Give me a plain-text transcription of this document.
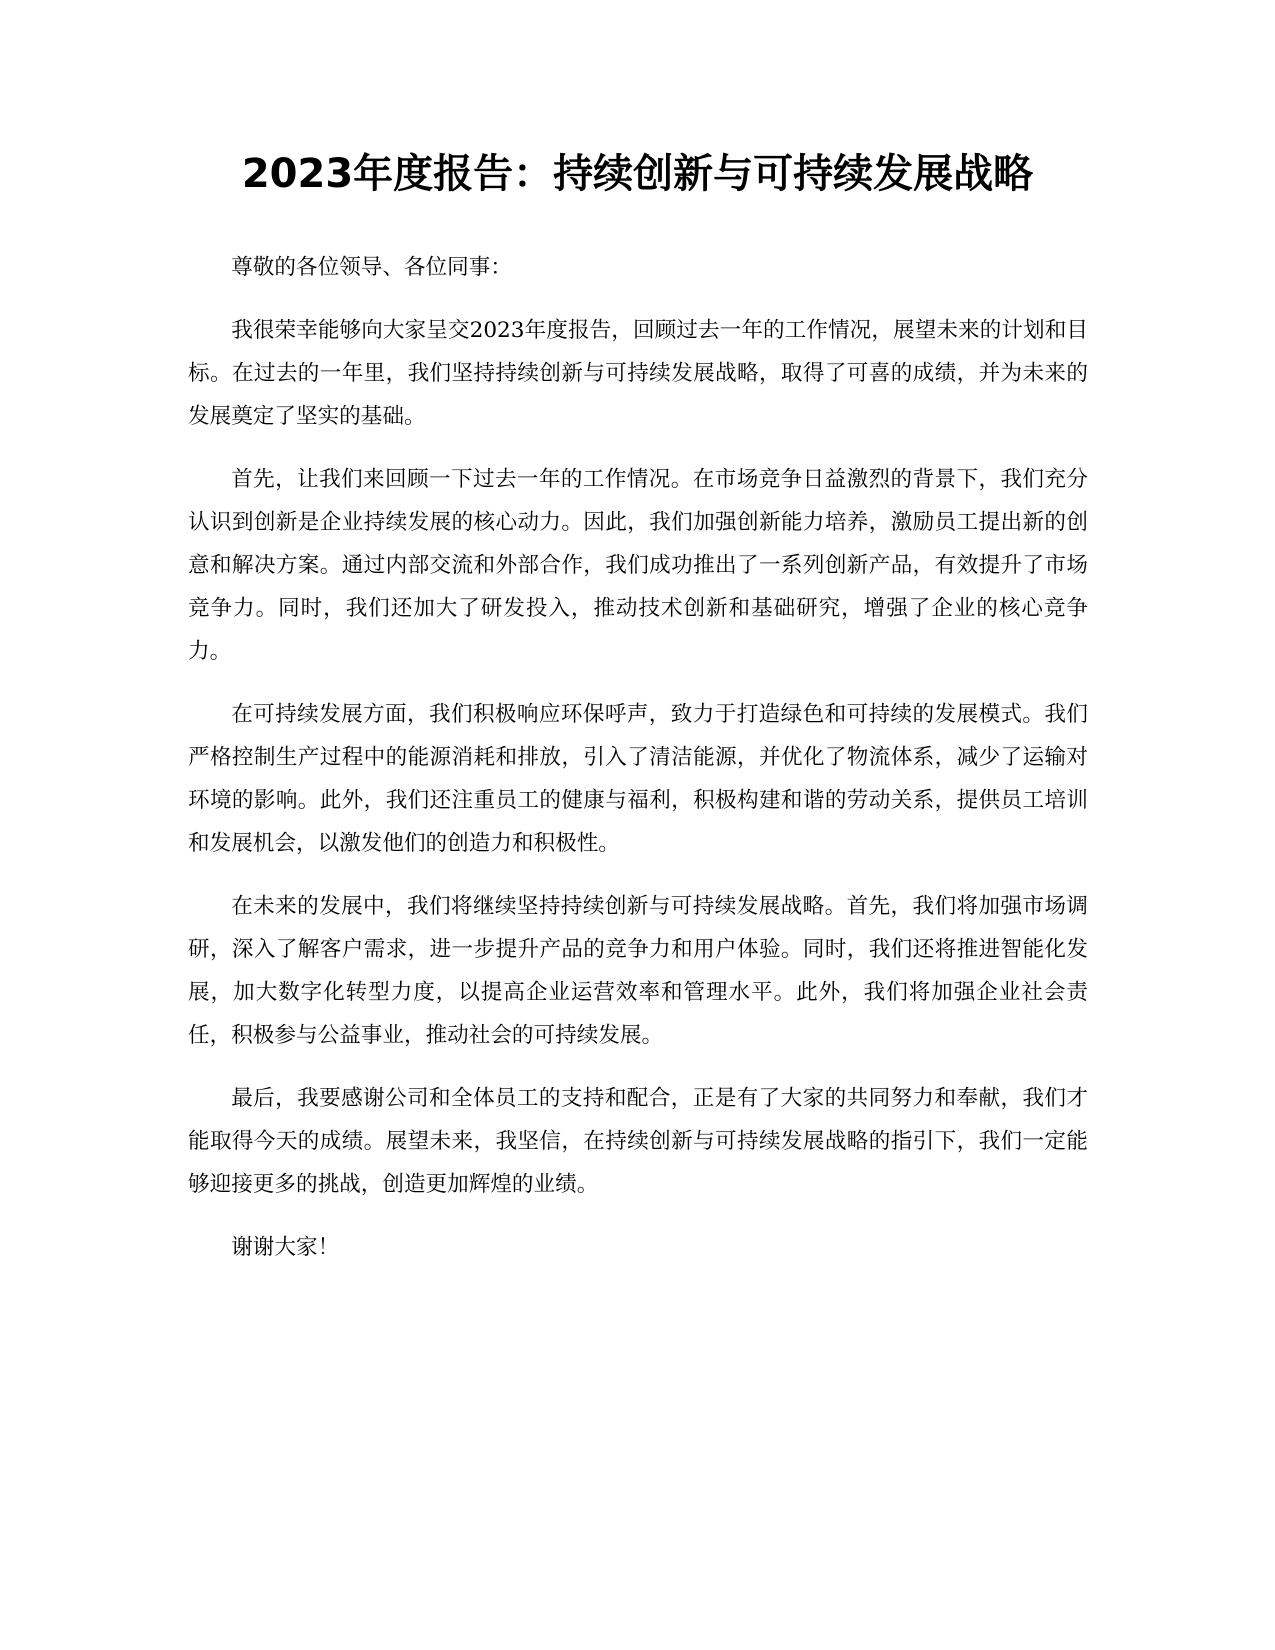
2023年度报告：持续创新与可持续发展战略

尊敬的各位领导、各位同事：

我很荣幸能够向大家呈交2023年度报告，回顾过去一年的工作情况，展望未来的计划和目标。在过去的一年里，我们坚持持续创新与可持续发展战略，取得了可喜的成绩，并为未来的发展奠定了坚实的基础。

首先，让我们来回顾一下过去一年的工作情况。在市场竞争日益激烈的背景下，我们充分认识到创新是企业持续发展的核心动力。因此，我们加强创新能力培养，激励员工提出新的创意和解决方案。通过内部交流和外部合作，我们成功推出了一系列创新产品，有效提升了市场竞争力。同时，我们还加大了研发投入，推动技术创新和基础研究，增强了企业的核心竞争力。

在可持续发展方面，我们积极响应环保呼声，致力于打造绿色和可持续的发展模式。我们严格控制生产过程中的能源消耗和排放，引入了清洁能源，并优化了物流体系，减少了运输对环境的影响。此外，我们还注重员工的健康与福利，积极构建和谐的劳动关系，提供员工培训和发展机会，以激发他们的创造力和积极性。

在未来的发展中，我们将继续坚持持续创新与可持续发展战略。首先，我们将加强市场调研，深入了解客户需求，进一步提升产品的竞争力和用户体验。同时，我们还将推进智能化发展，加大数字化转型力度，以提高企业运营效率和管理水平。此外，我们将加强企业社会责任，积极参与公益事业，推动社会的可持续发展。

最后，我要感谢公司和全体员工的支持和配合，正是有了大家的共同努力和奉献，我们才能取得今天的成绩。展望未来，我坚信，在持续创新与可持续发展战略的指引下，我们一定能够迎接更多的挑战，创造更加辉煌的业绩。

谢谢大家！
